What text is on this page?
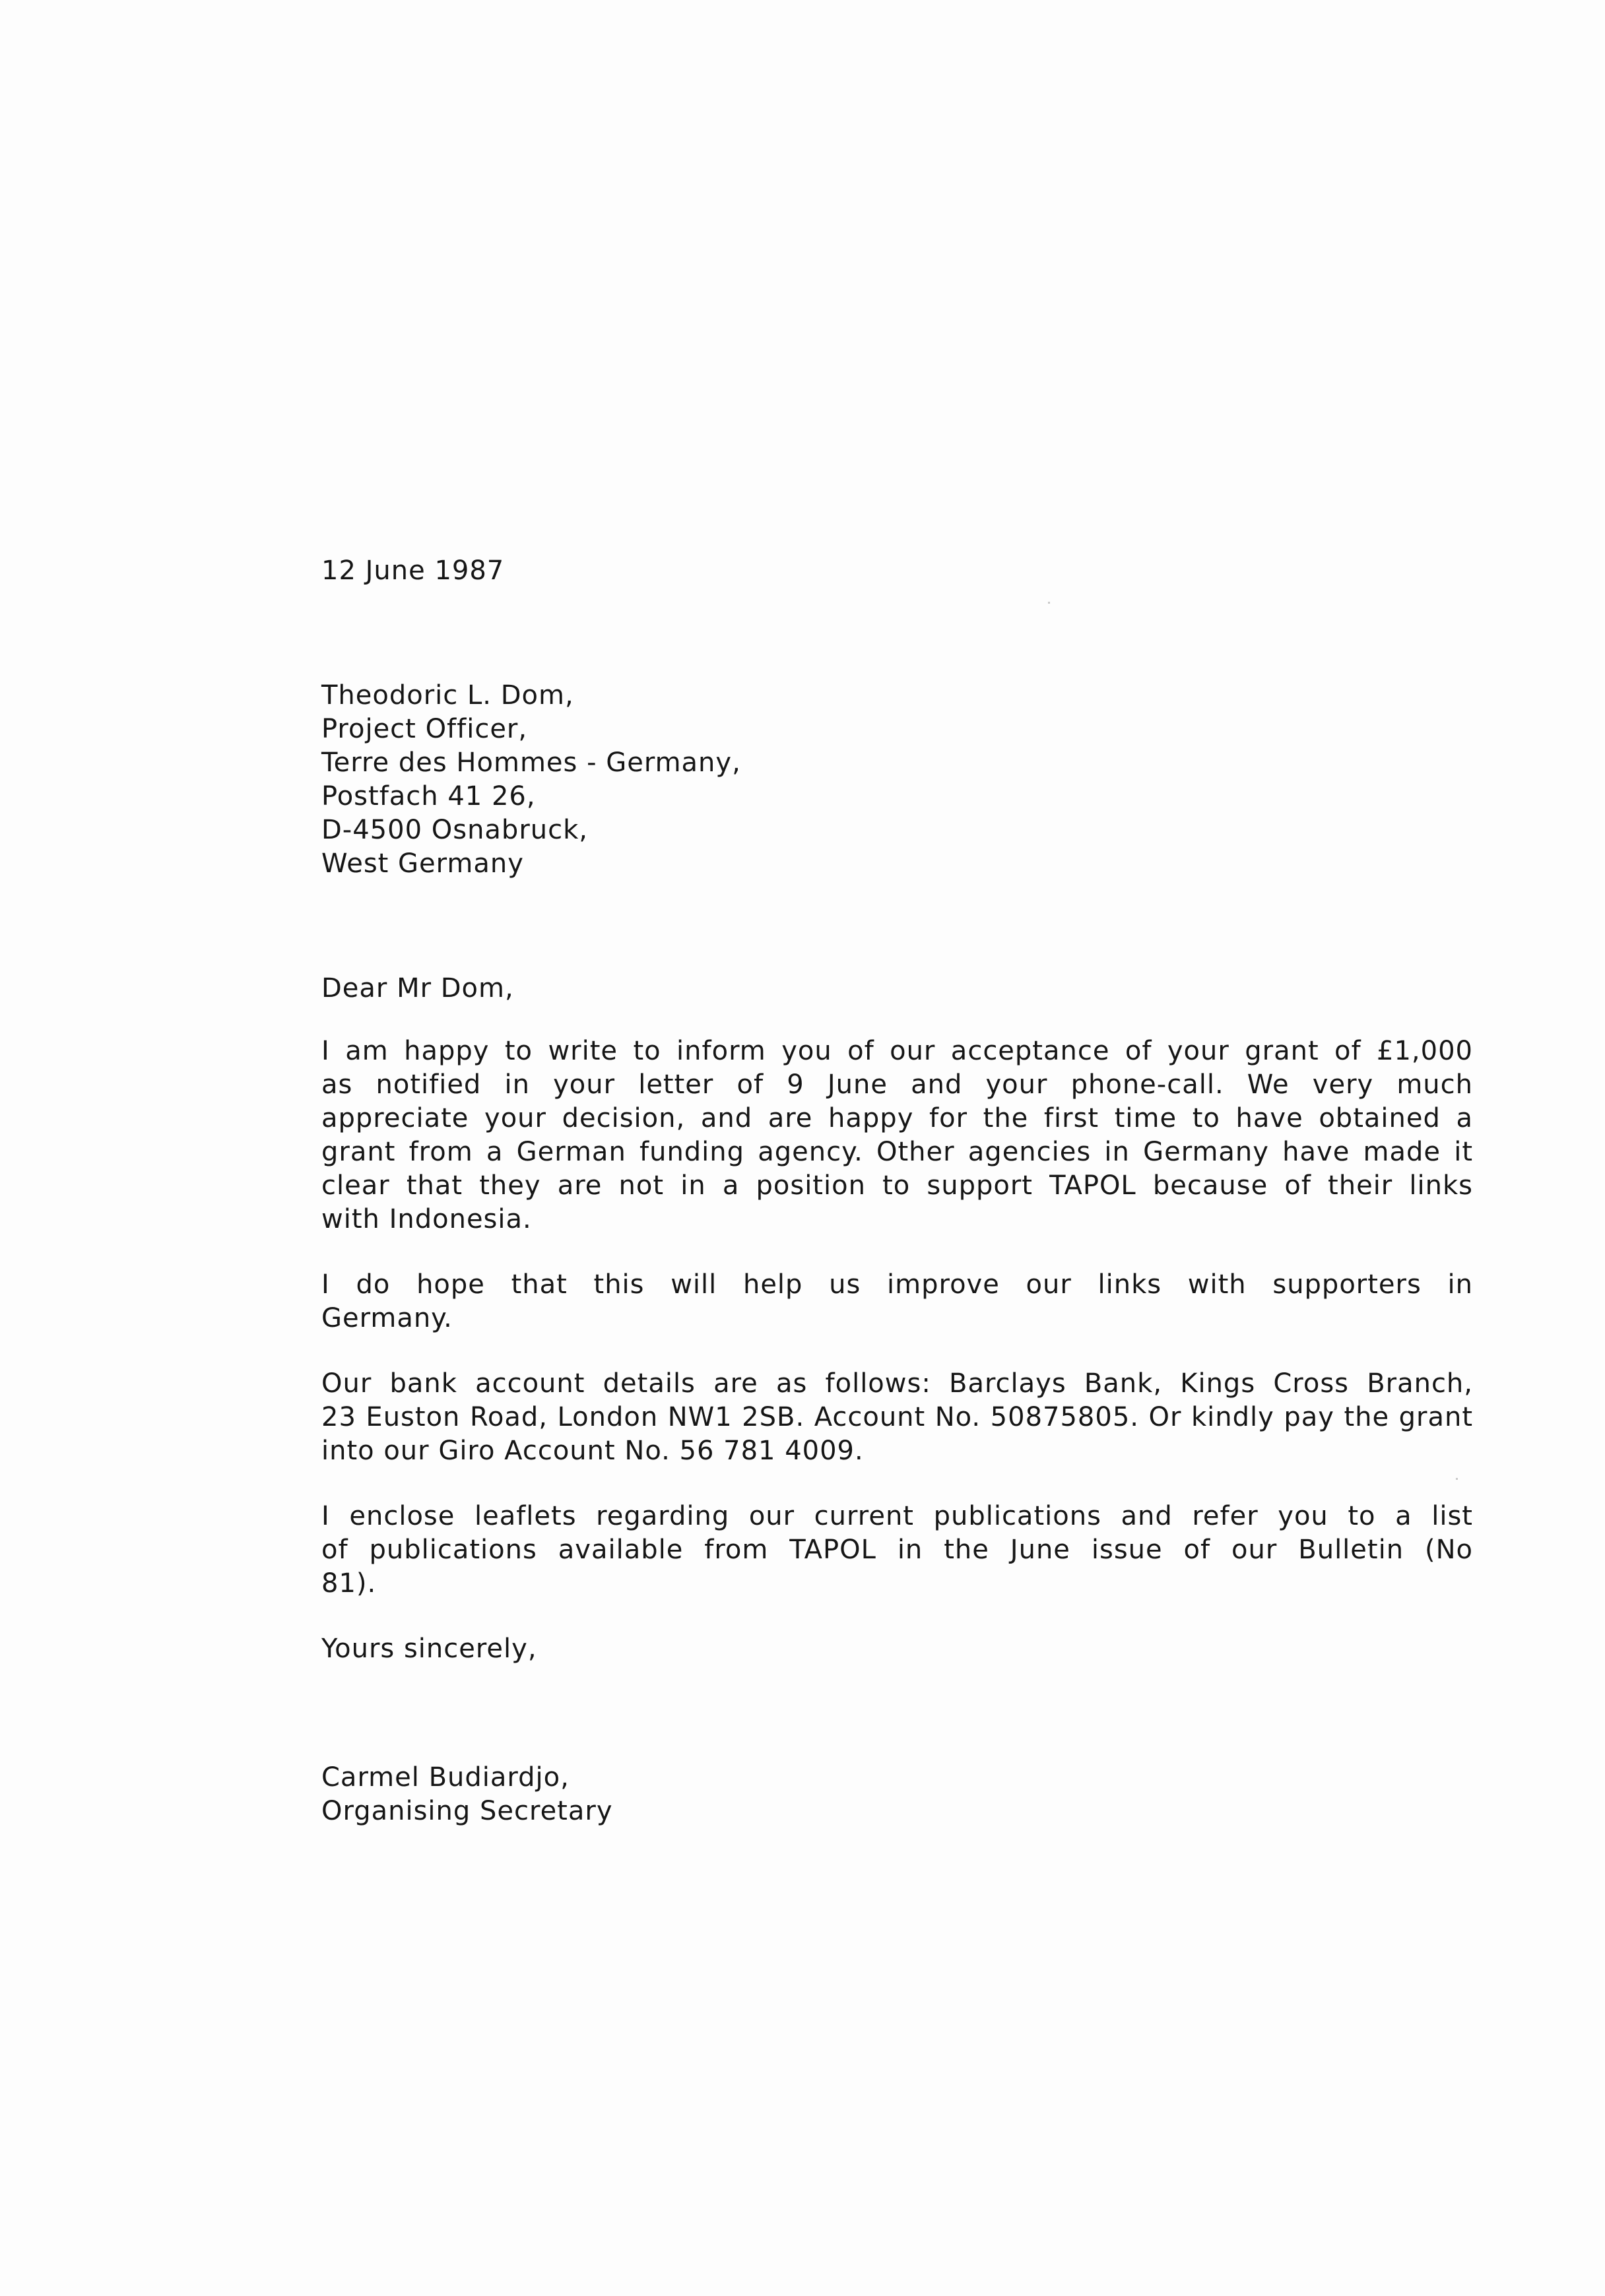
12 June 1987
Theodoric L. Dom,
Project Officer,
Terre des Hommes - Germany,
Postfach 41 26,
D-4500 Osnabruck,
West Germany
Dear Mr Dom,
I am happy to write to inform you of our acceptance of your grant of £1,000
as notified in your letter of 9 June and your phone-call. We very much
appreciate your decision, and are happy for the first time to have obtained a
grant from a German funding agency. Other agencies in Germany have made it
clear that they are not in a position to support TAPOL because of their links
with Indonesia.
I do hope that this will help us improve our links with supporters in
Germany.
Our bank account details are as follows: Barclays Bank, Kings Cross Branch,
23 Euston Road, London NW1 2SB. Account No. 50875805. Or kindly pay the grant
into our Giro Account No. 56 781 4009.
I enclose leaflets regarding our current publications and refer you to a list
of publications available from TAPOL in the June issue of our Bulletin (No
81).
Yours sincerely,
Carmel Budiardjo,
Organising Secretary
